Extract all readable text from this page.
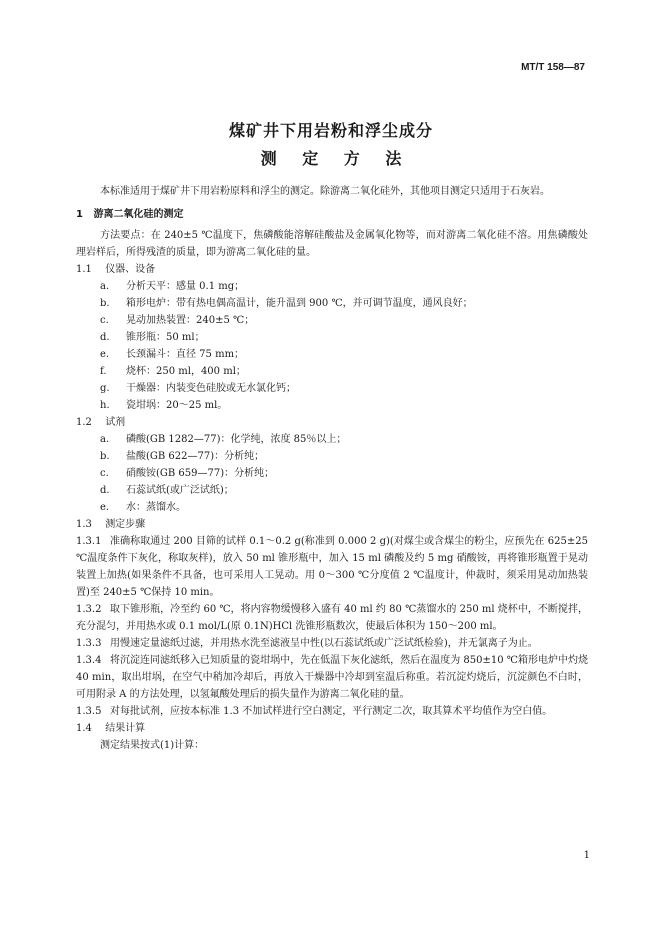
MT/T 158—87
煤矿井下用岩粉和浮尘成分
测 定 方 法

本标准适用于煤矿井下用岩粉原料和浮尘的测定。除游离二氧化硅外，其他项目测定只适用于石灰岩。

1 游离二氧化硅的测定

方法要点：在 240±5 ℃温度下，焦磷酸能溶解硅酸盐及金属氧化物等，而对游离二氧化硅不溶。用焦磷酸处理岩样后，所得残渣的质量，即为游离二氧化硅的量。

1.1 仪器、设备
a.	分析天平：感量 0.1 mg；
b.	箱形电炉：带有热电偶高温计，能升温到 900 ℃，并可调节温度，通风良好；
c.	晃动加热装置：240±5 ℃；
d.	锥形瓶：50 ml；
e.	长颈漏斗：直径 75 mm；
f.	烧杯：250 ml，400 ml；
g.	干燥器：内装变色硅胶或无水氯化钙；
h.	瓷坩埚：20～25 ml。
1.2 试剂
a.	磷酸(GB 1282—77)：化学纯，浓度 85％以上；
b.	盐酸(GB 622—77)：分析纯；
c.	硝酸铵(GB 659—77)：分析纯；
d.	石蕊试纸(或广泛试纸)；
e.	水：蒸馏水。
1.3 测定步骤

1.3.1 准确称取通过 200 目筛的试样 0.1～0.2 g(称准到 0.000 2 g)(对煤尘或含煤尘的粉尘，应预先在 625±25 ℃温度条件下灰化，称取灰样)，放入 50 ml 锥形瓶中，加入 15 ml 磷酸及约 5 mg 硝酸铵，再将锥形瓶置于晃动装置上加热(如果条件不具备，也可采用人工晃动。用 0～300 ℃分度值 2 ℃温度计，仲裁时，须采用晃动加热装置)至 240±5 ℃保持 10 min。

1.3.2 取下锥形瓶，冷至约 60 ℃，将内容物缓慢移入盛有 40 ml 约 80 ℃蒸馏水的 250 ml 烧杯中，不断搅拌，充分混匀，并用热水或 0.1 mol/L(原 0.1N)HCl 洗锥形瓶数次，使最后体积为 150～200 ml。

1.3.3 用慢速定量滤纸过滤，并用热水洗至滤液呈中性(以石蕊试纸或广泛试纸检验)，并无氯离子为止。

1.3.4 将沉淀连同滤纸移入已知质量的瓷坩埚中，先在低温下灰化滤纸，然后在温度为 850±10 ℃箱形电炉中灼烧 40 min，取出坩埚，在空气中稍加冷却后，再放入干燥器中冷却到室温后称重。若沉淀灼烧后，沉淀颜色不白时，可用附录 A 的方法处理，以氢氟酸处理后的损失量作为游离二氧化硅的量。

1.3.5 对每批试剂，应按本标准 1.3 不加试样进行空白测定，平行测定二次，取其算术平均值作为空白值。

1.4 结果计算

测定结果按式(1)计算：

1
